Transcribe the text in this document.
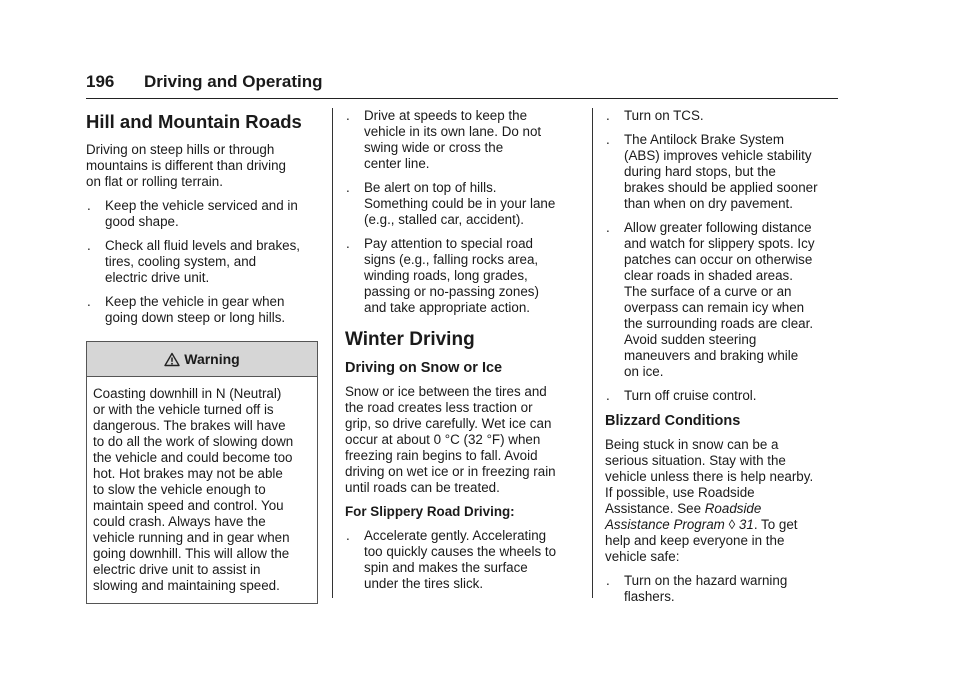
196 Driving and Operating
Hill and Mountain Roads

Driving on steep hills or through
mountains is different than driving
on flat or rolling terrain.

. Keep the vehicle serviced and in
good shape.
. Check all fluid levels and brakes,
tires, cooling system, and
electric drive unit.
. Keep the vehicle in gear when
going down steep or long hills.
Warning
Coasting downhill in N (Neutral)
or with the vehicle turned off is
dangerous. The brakes will have
to do all the work of slowing down
the vehicle and could become too
hot. Hot brakes may not be able
to slow the vehicle enough to
maintain speed and control. You
could crash. Always have the
vehicle running and in gear when
going downhill. This will allow the
electric drive unit to assist in
slowing and maintaining speed.
. Drive at speeds to keep the
vehicle in its own lane. Do not
swing wide or cross the
center line.
. Be alert on top of hills.
Something could be in your lane
(e.g., stalled car, accident).
. Pay attention to special road
signs (e.g., falling rocks area,
winding roads, long grades,
passing or no-passing zones)
and take appropriate action.
Winter Driving
Driving on Snow or Ice

Snow or ice between the tires and
the road creates less traction or
grip, so drive carefully. Wet ice can
occur at about 0 °C (32 °F) when
freezing rain begins to fall. Avoid
driving on wet ice or in freezing rain
until roads can be treated.

For Slippery Road Driving:

. Accelerate gently. Accelerating
too quickly causes the wheels to
spin and makes the surface
under the tires slick.
. Turn on TCS.
. The Antilock Brake System
(ABS) improves vehicle stability
during hard stops, but the
brakes should be applied sooner
than when on dry pavement.
. Allow greater following distance
and watch for slippery spots. Icy
patches can occur on otherwise
clear roads in shaded areas.
The surface of a curve or an
overpass can remain icy when
the surrounding roads are clear.
Avoid sudden steering
maneuvers and braking while
on ice.
. Turn off cruise control.
Blizzard Conditions

Being stuck in snow can be a
serious situation. Stay with the
vehicle unless there is help nearby.
If possible, use Roadside
Assistance. See Roadside
Assistance Program ◊ 31. To get
help and keep everyone in the
vehicle safe:

. Turn on the hazard warning
flashers.
